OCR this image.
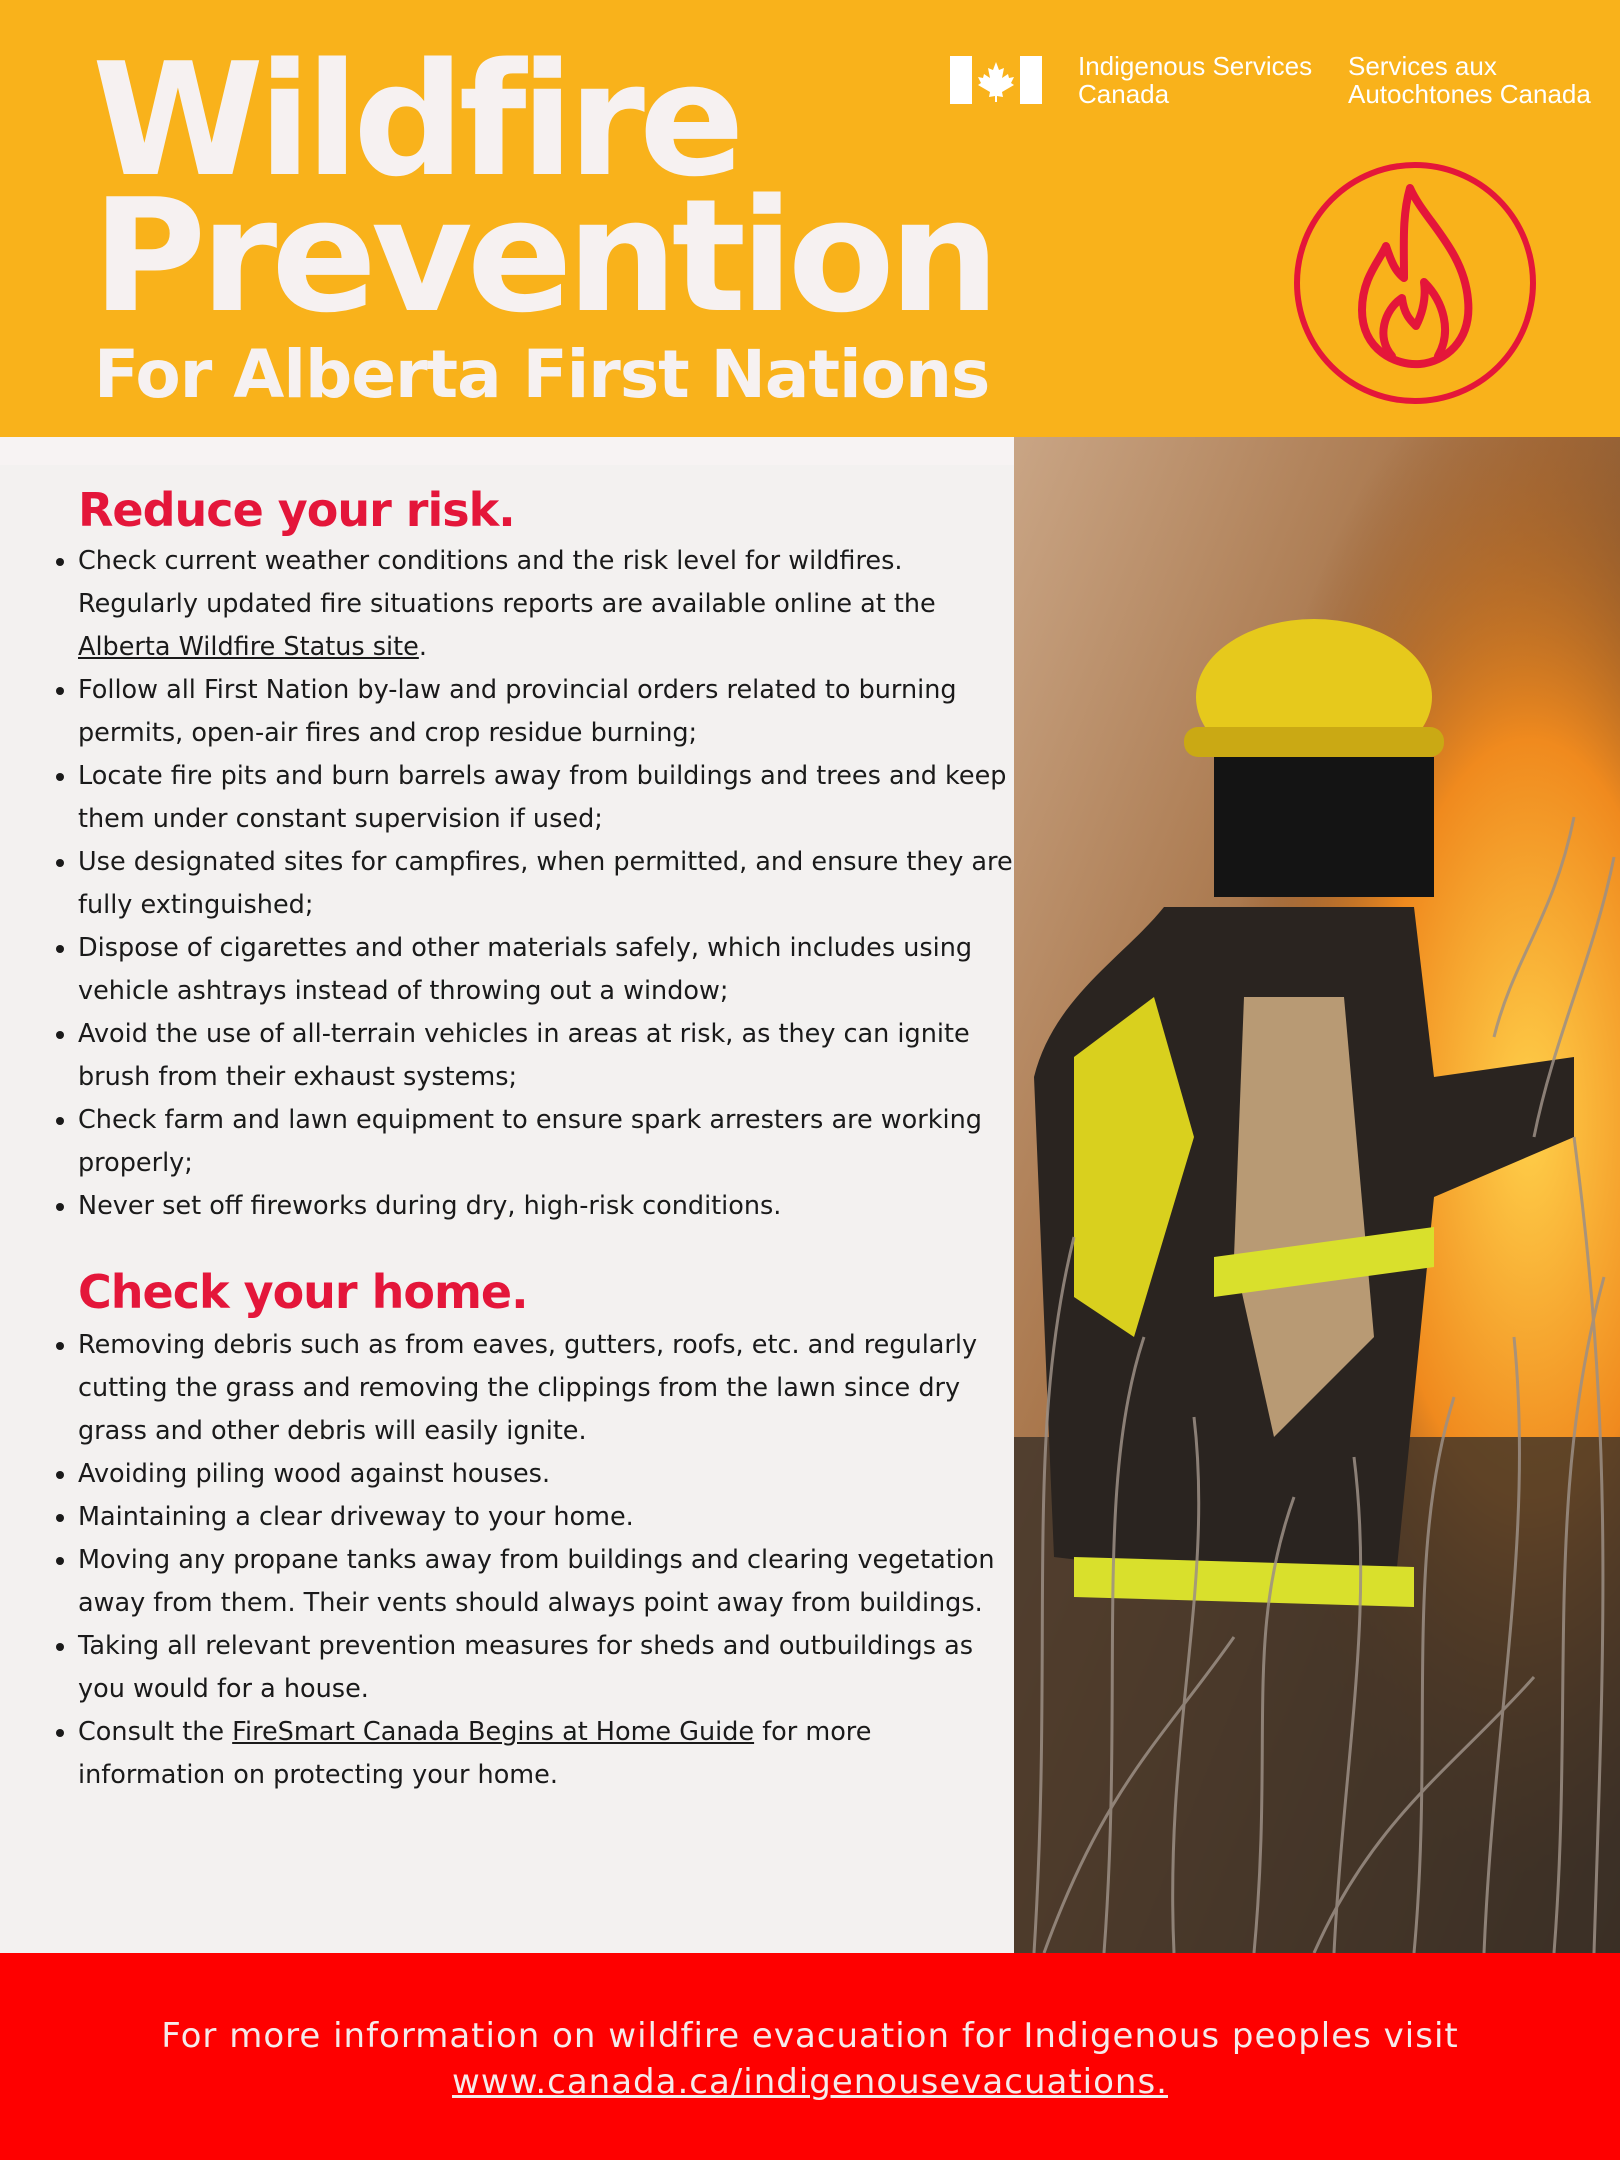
Wildfire
Prevention
For Alberta First Nations
Indigenous Services
Canada
Services aux
Autochtones Canada
Reduce your risk.
• Check current weather conditions and the risk level for wildfires. Regularly updated fire situations reports are available online at the Alberta Wildfire Status site.
• Follow all First Nation by-law and provincial orders related to burning permits, open-air fires and crop residue burning;
• Locate fire pits and burn barrels away from buildings and trees and keep them under constant supervision if used;
• Use designated sites for campfires, when permitted, and ensure they are fully extinguished;
• Dispose of cigarettes and other materials safely, which includes using vehicle ashtrays instead of throwing out a window;
• Avoid the use of all-terrain vehicles in areas at risk, as they can ignite brush from their exhaust systems;
• Check farm and lawn equipment to ensure spark arresters are working properly;
• Never set off fireworks during dry, high-risk conditions.
Check your home.
• Removing debris such as from eaves, gutters, roofs, etc. and regularly cutting the grass and removing the clippings from the lawn since dry grass and other debris will easily ignite.
• Avoiding piling wood against houses.
• Maintaining a clear driveway to your home.
• Moving any propane tanks away from buildings and clearing vegetation away from them. Their vents should always point away from buildings.
• Taking all relevant prevention measures for sheds and outbuildings as you would for a house.
• Consult the FireSmart Canada Begins at Home Guide for more information on protecting your home.
For more information on wildfire evacuation for Indigenous peoples visit
www.canada.ca/indigenousevacuations.
